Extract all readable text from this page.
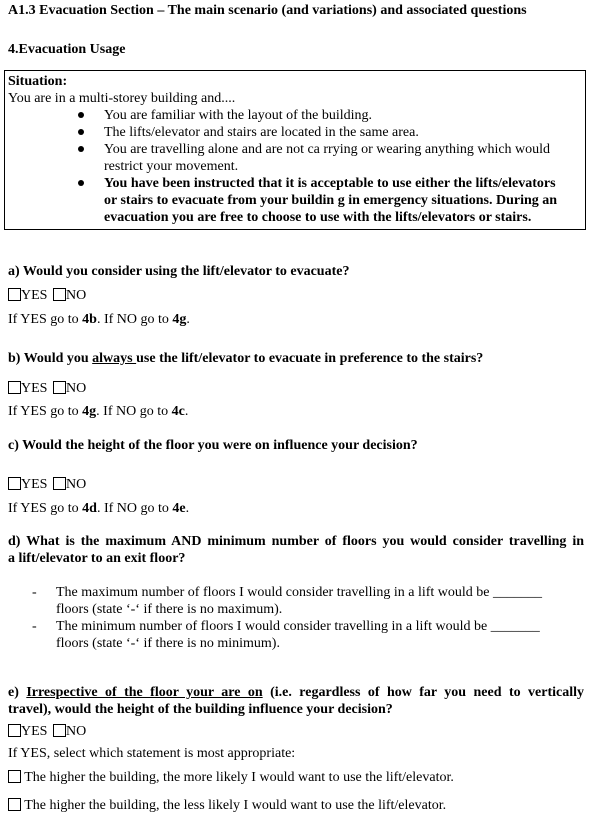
A1.3 Evacuation Section – The main scenario (and variations) and associated questions
4.Evacuation Usage
Situation:
You are in a multi-storey building and....
You are familiar with the layout of the building.
The lifts/elevator and stairs are located in the same area.
You are travelling alone and are not ca rrying or wearing anything which would
restrict your movement.
You have been instructed that it is acceptable to use either the lifts/elevators
or stairs to evacuate from your buildin g in emergency situations. During an
evacuation you are free to choose to use with the lifts/elevators or stairs.
a) Would you consider using the lift/elevator to evacuate?
YES NO
If YES go to 4b. If NO go to 4g.
b) Would you always use the lift/elevator to evacuate in preference to the stairs?
YES NO
If YES go to 4g. If NO go to 4c.
c) Would the height of the floor you were on influence your decision?
YES NO
If YES go to 4d. If NO go to 4e.
d) What is the maximum AND minimum number of floors you would consider travelling in
a lift/elevator to an exit floor?
- The maximum number of floors I would consider travelling in a lift would be _______
floors (state ‘-‘ if there is no maximum).
- The minimum number of floors I would consider travelling in a lift would be _______
floors (state ‘-‘ if there is no minimum).
e) Irrespective of the floor your are on (i.e. regardless of how far you need to vertically
travel), would the height of the building influence your decision?
YES NO
If YES, select which statement is most appropriate:
The higher the building, the more likely I would want to use the lift/elevator.
The higher the building, the less likely I would want to use the lift/elevator.
